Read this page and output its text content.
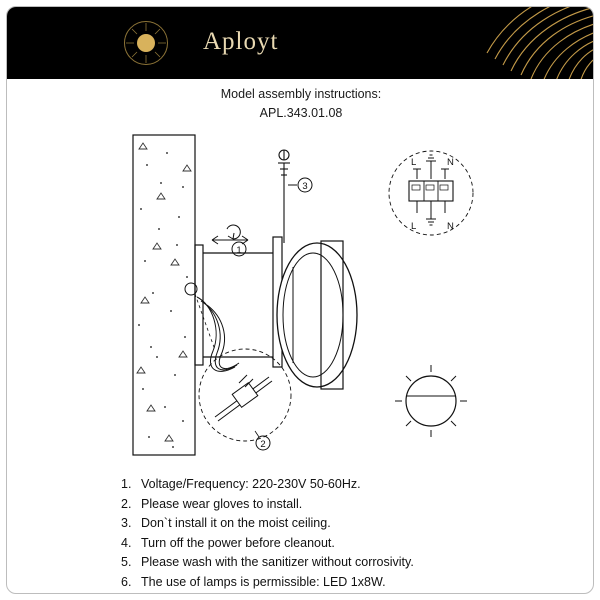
Aployt
Model assembly instructions:
APL.343.01.08
1
3
2
L	N
L	N
1. Voltage/Frequency: 220-230V 50-60Hz.
2. Please wear gloves to install.
3. Don`t install it on the moist ceiling.
4. Turn off the power before cleanout.
5. Please wash with the sanitizer without corrosivity.
6. The use of lamps is permissible: LED 1x8W.
